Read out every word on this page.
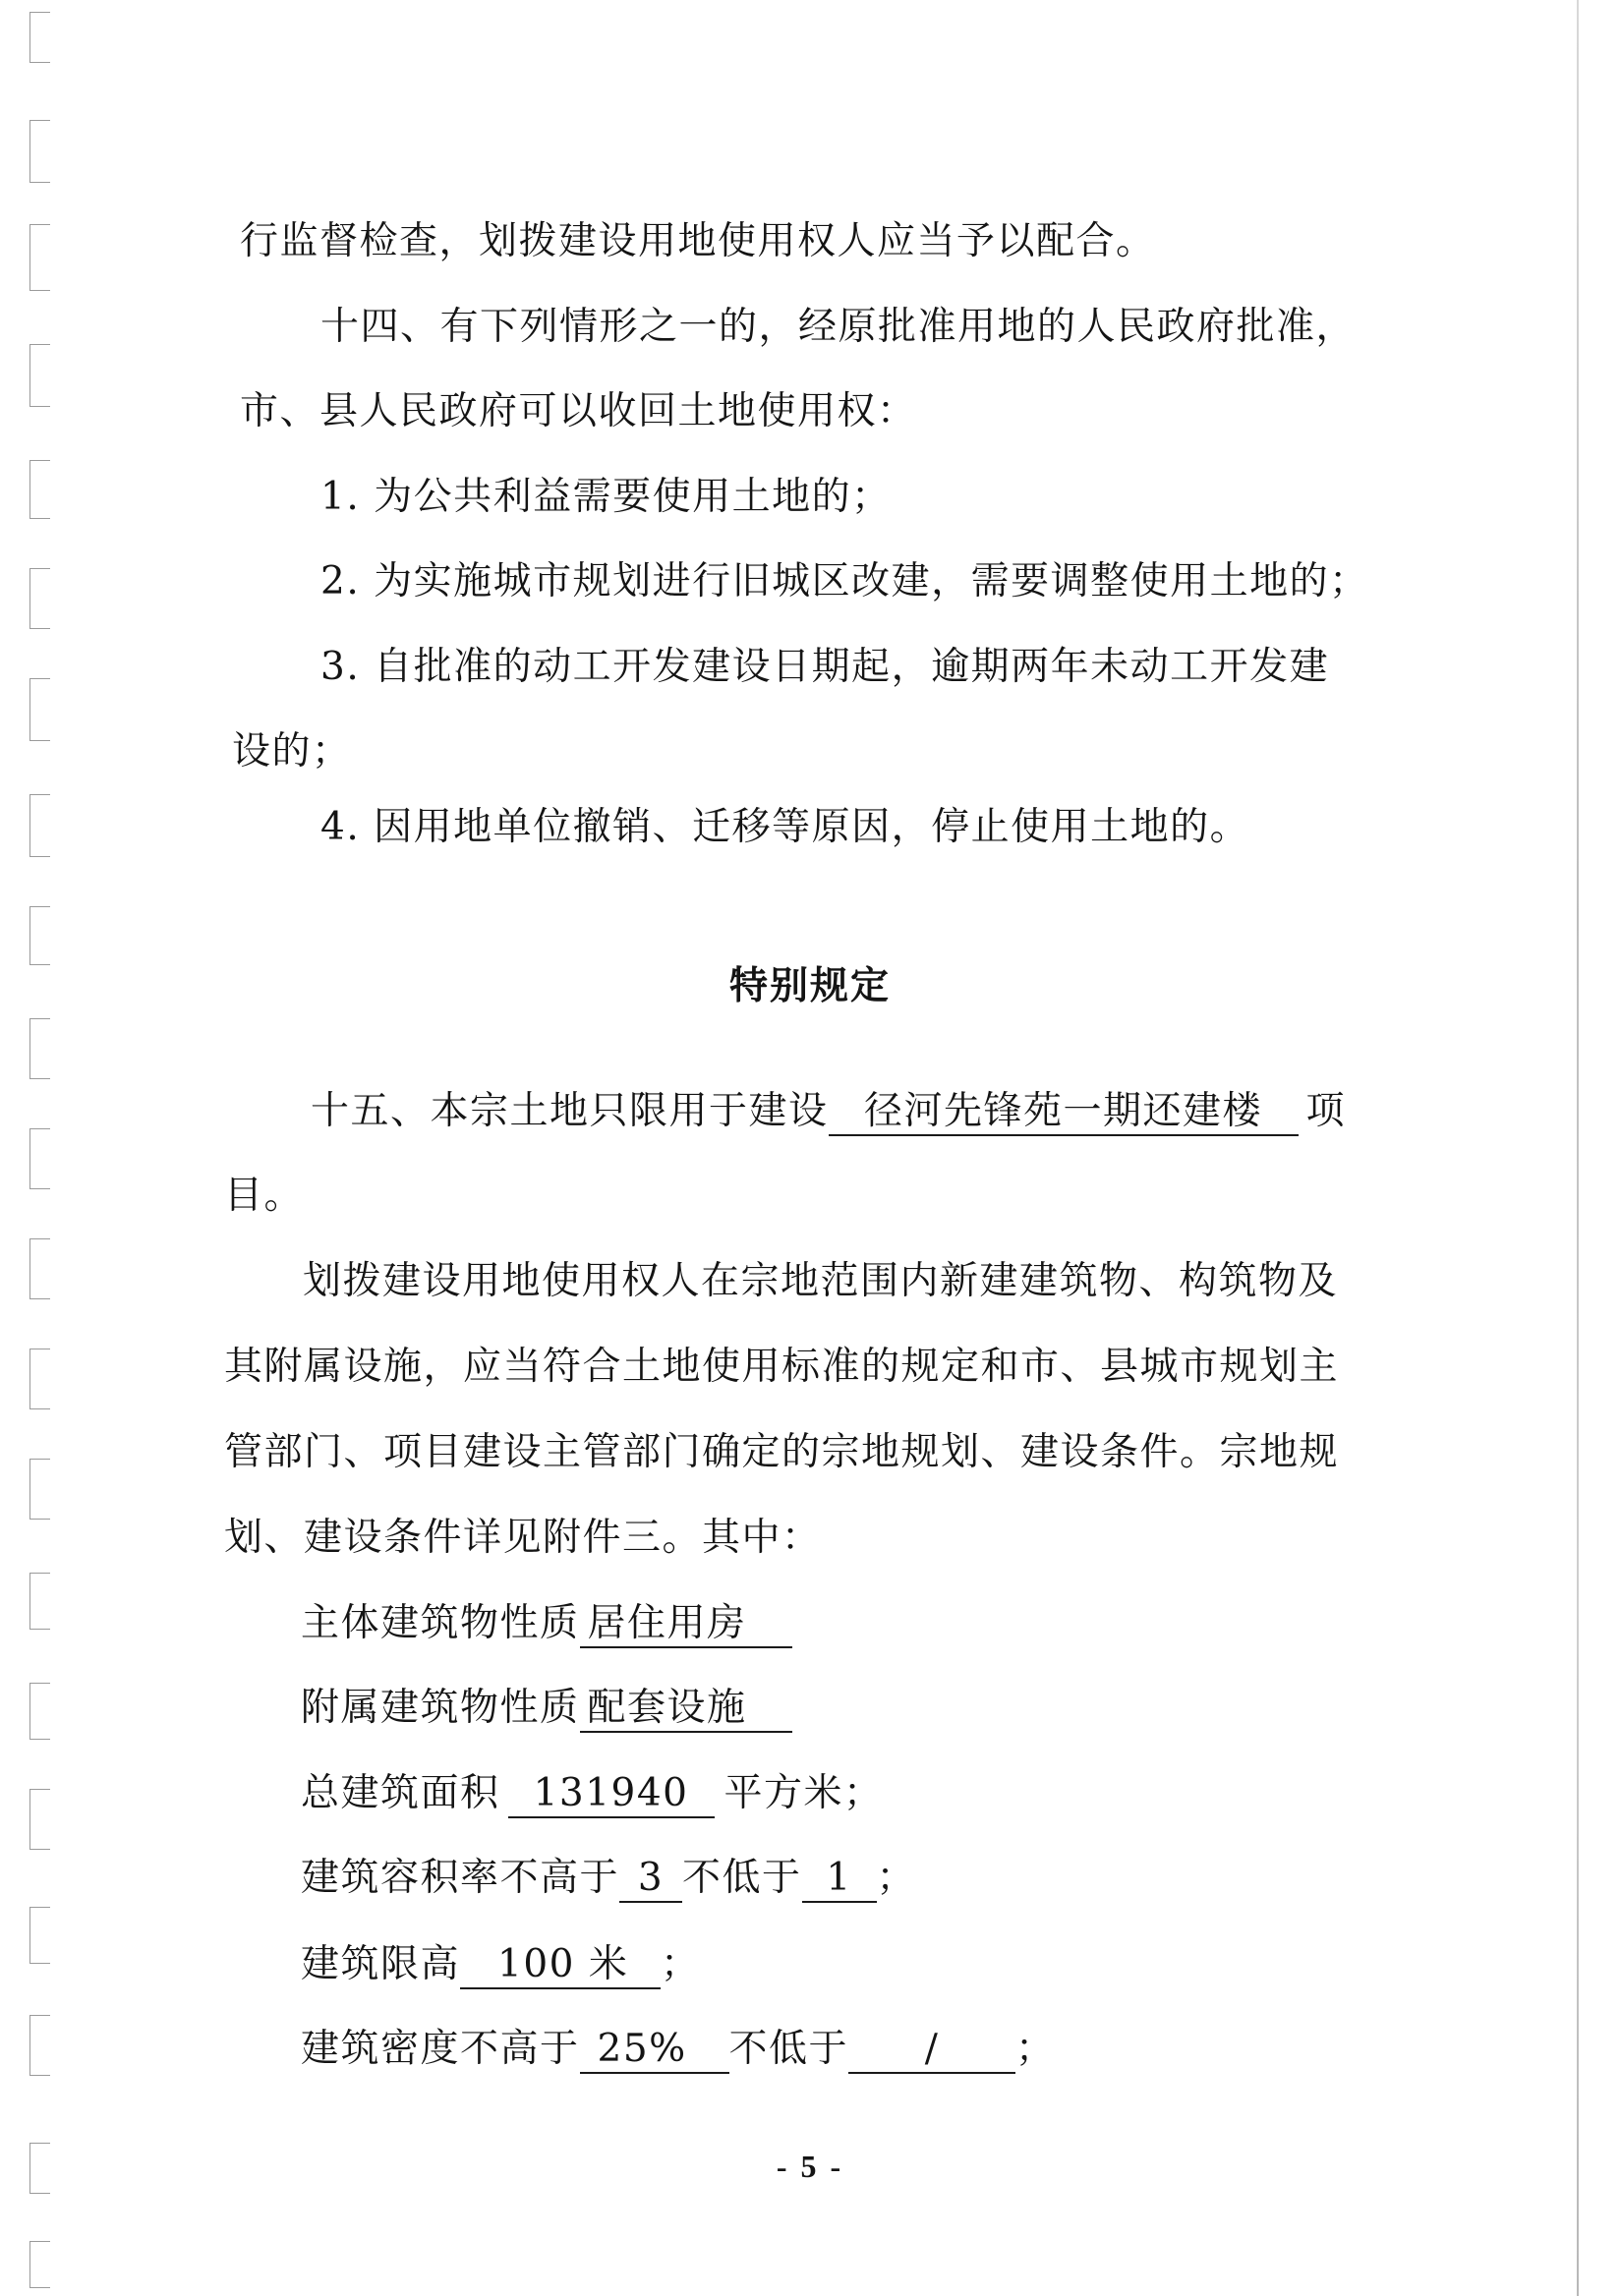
行监督检查，划拨建设用地使用权人应当予以配合。
十四、有下列情形之一的，经原批准用地的人民政府批准，
市、县人民政府可以收回土地使用权：
1. 为公共利益需要使用土地的；
2. 为实施城市规划进行旧城区改建，需要调整使用土地的；
3. 自批准的动工开发建设日期起，逾期两年未动工开发建
设的；
4. 因用地单位撤销、迁移等原因，停止使用土地的。
特别规定
十五、本宗土地只限用于建设 径河先锋苑一期还建楼 项
目。
划拨建设用地使用权人在宗地范围内新建建筑物、构筑物及
其附属设施，应当符合土地使用标准的规定和市、县城市规划主
管部门、项目建设主管部门确定的宗地规划、建设条件。宗地规
划、建设条件详见附件三。其中：
主体建筑物性质 居住用房
附属建筑物性质 配套设施
总建筑面积 131940 平方米；
建筑容积率不高于 3 不低于 1 ；
建筑限高 100 米 ；
建筑密度不高于 25% 不低于 / ；
- 5 -
